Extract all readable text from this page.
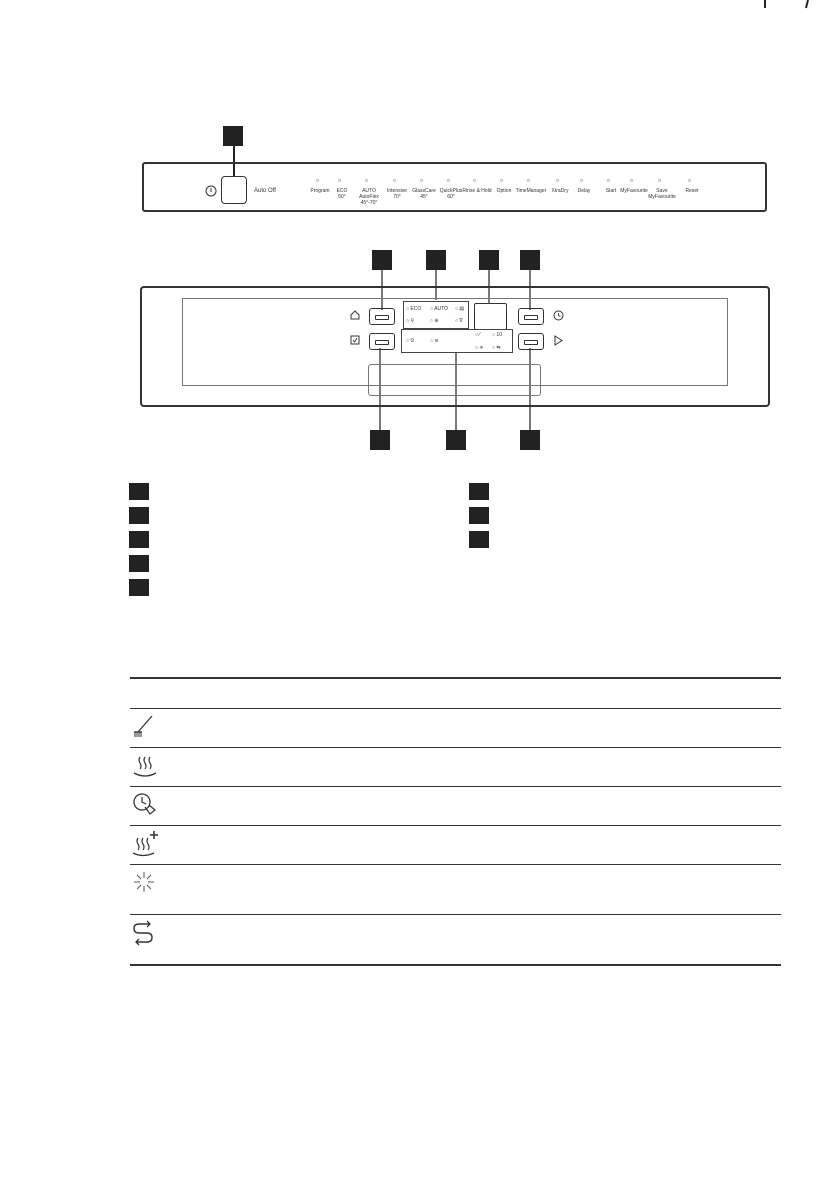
Auto Off	Program
▫
ECO
50°
▫
AUTO
AutoFlex 45°-70°
▫
Intensive
70°
▫
GlassCare
45°
▫
QuickPlus
60°
▫
Rinse & Hold
▫
Option
▫
TimeManager
▫
XtraDry
▫
Delay
▫
Start
▫
MyFavourite
▫
Save MyFavourite
▫
Reset
▫
○ ECO ○ AUTO ○ ▤
○ ⚲	○ ⊕	○ ∇
○ ⏲	○ ≋
○ ⁄ ○ 10
○ ✳ ○ ⇆
